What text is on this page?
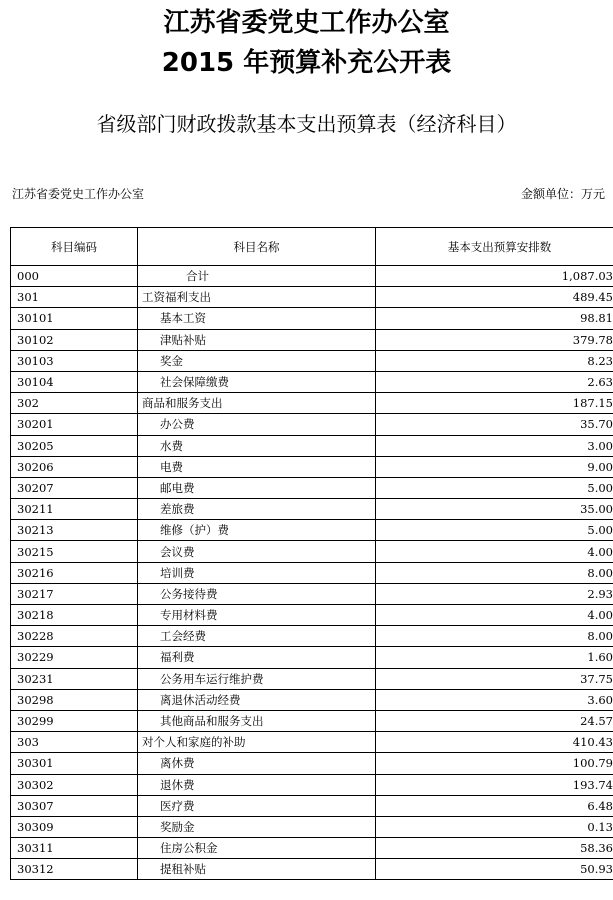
江苏省委党史工作办公室
2015 年预算补充公开表
省级部门财政拨款基本支出预算表（经济科目）
江苏省委党史工作办公室	金额单位：万元
科目编码	科目名称	基本支出预算安排数
000	合计	1,087.03
301	工资福利支出	489.45
30101	基本工资	98.81
30102	津贴补贴	379.78
30103	奖金	8.23
30104	社会保障缴费	2.63
302	商品和服务支出	187.15
30201	办公费	35.70
30205	水费	3.00
30206	电费	9.00
30207	邮电费	5.00
30211	差旅费	35.00
30213	维修（护）费	5.00
30215	会议费	4.00
30216	培训费	8.00
30217	公务接待费	2.93
30218	专用材料费	4.00
30228	工会经费	8.00
30229	福利费	1.60
30231	公务用车运行维护费	37.75
30298	离退休活动经费	3.60
30299	其他商品和服务支出	24.57
303	对个人和家庭的补助	410.43
30301	离休费	100.79
30302	退休费	193.74
30307	医疗费	6.48
30309	奖励金	0.13
30311	住房公积金	58.36
30312	提租补贴	50.93
